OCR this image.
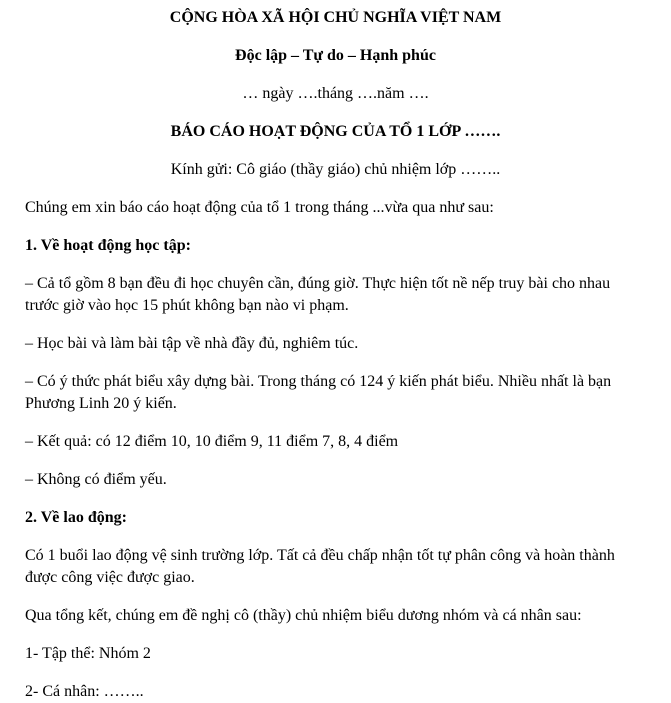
CỘNG HÒA XÃ HỘI CHỦ NGHĨA VIỆT NAM

Độc lập – Tự do – Hạnh phúc

… ngày ….tháng ….năm ….

BÁO CÁO HOẠT ĐỘNG CỦA TỔ 1 LỚP …….

Kính gửi: Cô giáo (thầy giáo) chủ nhiệm lớp ……..

Chúng em xin báo cáo hoạt động của tổ 1 trong tháng ...vừa qua như sau:

1. Về hoạt động học tập:

– Cả tổ gồm 8 bạn đều đi học chuyên cần, đúng giờ. Thực hiện tốt nề nếp truy bài cho nhau trước giờ vào học 15 phút không bạn nào vi phạm.

– Học bài và làm bài tập về nhà đầy đủ, nghiêm túc.

– Có ý thức phát biểu xây dựng bài. Trong tháng có 124 ý kiến phát biểu. Nhiều nhất là bạn Phương Linh 20 ý kiến.

– Kết quả: có 12 điểm 10, 10 điểm 9, 11 điểm 7, 8, 4 điểm

– Không có điểm yếu.

2. Về lao động:

Có 1 buổi lao động vệ sinh trường lớp. Tất cả đều chấp nhận tốt tự phân công và hoàn thành được công việc được giao.

Qua tổng kết, chúng em đề nghị cô (thầy) chủ nhiệm biểu dương nhóm và cá nhân sau:

1- Tập thể: Nhóm 2

2- Cá nhân: ……..
